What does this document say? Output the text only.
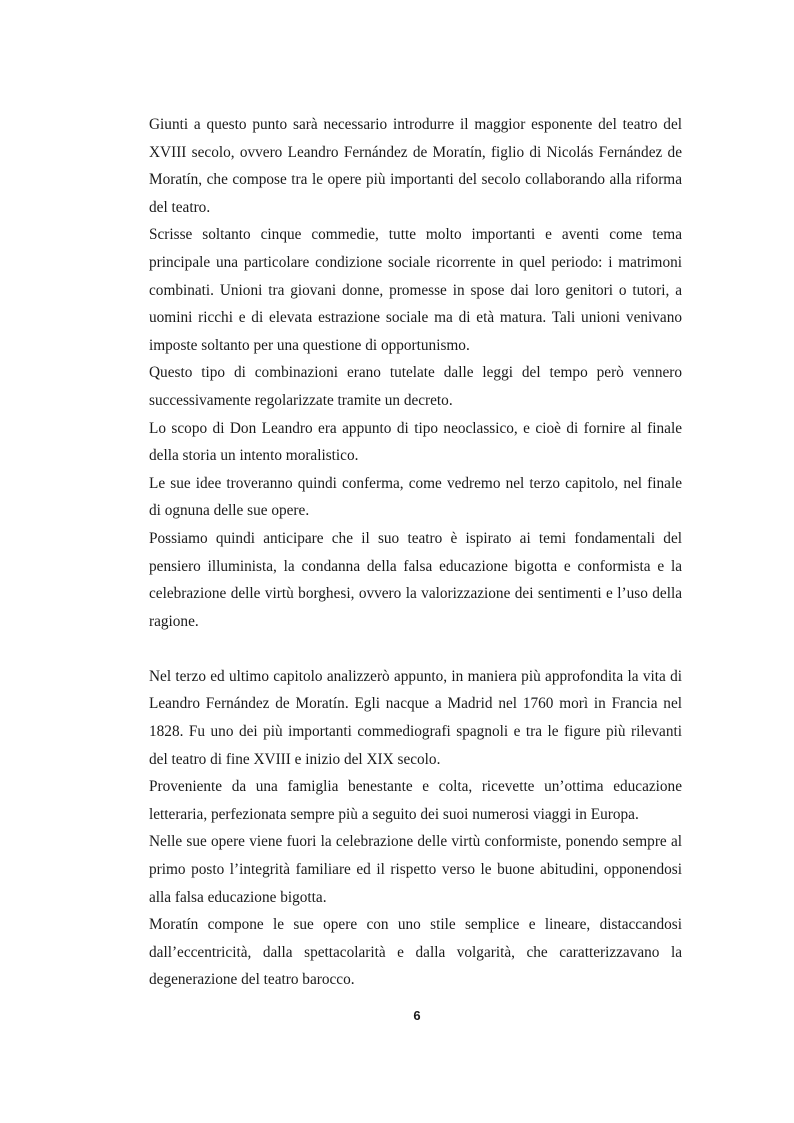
Giunti a questo punto sarà necessario introdurre il maggior esponente del teatro del XVIII secolo, ovvero Leandro Fernández de Moratín, figlio di Nicolás Fernández de Moratín, che compose tra le opere più importanti del secolo collaborando alla riforma del teatro.

Scrisse soltanto cinque commedie, tutte molto importanti e aventi come tema principale una particolare condizione sociale ricorrente in quel periodo: i matrimoni combinati. Unioni tra giovani donne, promesse in spose dai loro genitori o tutori, a uomini ricchi e di elevata estrazione sociale ma di età matura. Tali unioni venivano imposte soltanto per una questione di opportunismo.

Questo tipo di combinazioni erano tutelate dalle leggi del tempo però vennero successivamente regolarizzate tramite un decreto.

Lo scopo di Don Leandro era appunto di tipo neoclassico, e cioè di fornire al finale della storia un intento moralistico.

Le sue idee troveranno quindi conferma, come vedremo nel terzo capitolo, nel finale di ognuna delle sue opere.

Possiamo quindi anticipare che il suo teatro è ispirato ai temi fondamentali del pensiero illuminista, la condanna della falsa educazione bigotta e conformista e la celebrazione delle virtù borghesi, ovvero la valorizzazione dei sentimenti e l’uso della ragione.

Nel terzo ed ultimo capitolo analizzerò appunto, in maniera più approfondita la vita di Leandro Fernández de Moratín. Egli nacque a Madrid nel 1760 morì in Francia nel 1828. Fu uno dei più importanti commediografi spagnoli e tra le figure più rilevanti del teatro di fine XVIII e inizio del XIX secolo.

Proveniente da una famiglia benestante e colta, ricevette un’ottima educazione letteraria, perfezionata sempre più a seguito dei suoi numerosi viaggi in Europa.

Nelle sue opere viene fuori la celebrazione delle virtù conformiste, ponendo sempre al primo posto l’integrità familiare ed il rispetto verso le buone abitudini, opponendosi alla falsa educazione bigotta.

Moratín compone le sue opere con uno stile semplice e lineare, distaccandosi dall’eccentricità, dalla spettacolarità e dalla volgarità, che caratterizzavano la degenerazione del teatro barocco.

6
